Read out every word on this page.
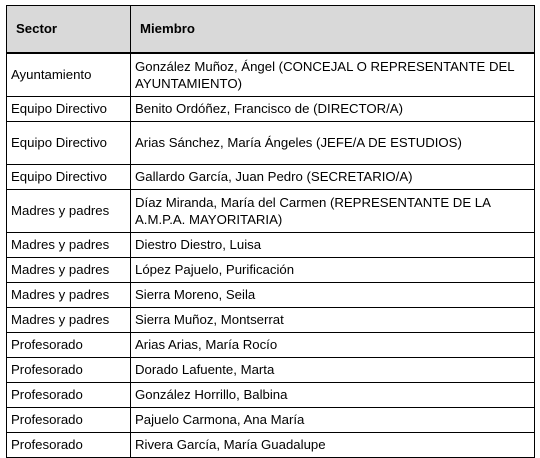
Sector	Miembro
Ayuntamiento	González Muñoz, Ángel (CONCEJAL O REPRESENTANTE DEL AYUNTAMIENTO)
Equipo Directivo	Benito Ordóñez, Francisco de (DIRECTOR/A)
Equipo Directivo	Arias Sánchez, María Ángeles (JEFE/A DE ESTUDIOS)
Equipo Directivo	Gallardo García, Juan Pedro (SECRETARIO/A)
Madres y padres	Díaz Miranda, María del Carmen (REPRESENTANTE DE LA A.M.P.A. MAYORITARIA)
Madres y padres	Diestro Diestro, Luisa
Madres y padres	López Pajuelo, Purificación
Madres y padres	Sierra Moreno, Seila
Madres y padres	Sierra Muñoz, Montserrat
Profesorado	Arias Arias, María Rocío
Profesorado	Dorado Lafuente, Marta
Profesorado	González Horrillo, Balbina
Profesorado	Pajuelo Carmona, Ana María
Profesorado	Rivera García, María Guadalupe
